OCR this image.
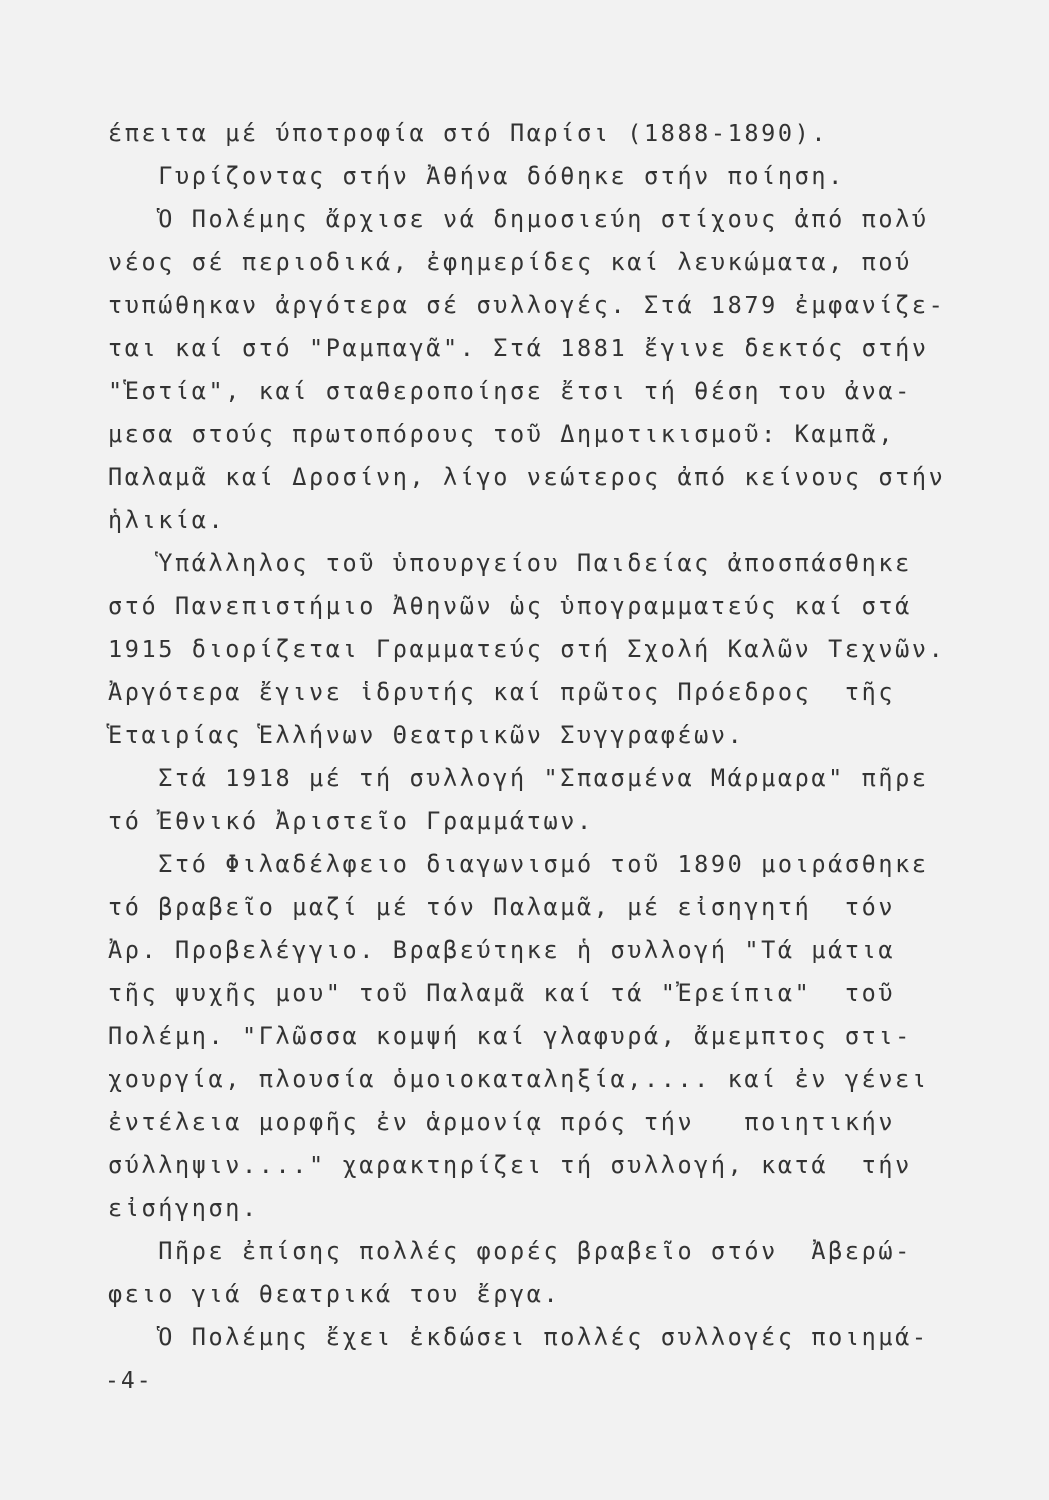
έπειτα μέ ύποτροφία στό Παρίσι (1888-1890).
Γυρίζοντας στήν Ἀθήνα δόθηκε στήν ποίηση.
Ὁ Πολέμης ἄρχισε νά δημοσιεύη στίχους ἀπό πολύ
νέος σέ περιοδικά, ἐφημερίδες καί λευκώματα, πού
τυπώθηκαν ἀργότερα σέ συλλογές. Στά 1879 ἐμφανίζε-
ται καί στό "Ραμπαγᾶ". Στά 1881 ἔγινε δεκτός στήν
"Ἑστία", καί σταθεροποίησε ἔτσι τή θέση του ἀνα-
μεσα στούς πρωτοπόρους τοῦ Δημοτικισμοῦ: Καμπᾶ,
Παλαμᾶ καί Δροσίνη, λίγο νεώτερος ἀπό κείνους στήν
ἡλικία.
Ὑπάλληλος τοῦ ὑπουργείου Παιδείας ἀποσπάσθηκε
στό Πανεπιστήμιο Ἀθηνῶν ὡς ὑπογραμματεύς καί στά
1915 διορίζεται Γραμματεύς στή Σχολή Καλῶν Τεχνῶν.
Ἀργότερα ἔγινε ἱδρυτής καί πρῶτος Πρόεδρος  τῆς
Ἑταιρίας Ἑλλήνων Θεατρικῶν Συγγραφέων.
Στά 1918 μέ τή συλλογή "Σπασμένα Μάρμαρα" πῆρε
τό Ἐθνικό Ἀριστεῖο Γραμμάτων.
Στό Φιλαδέλφειο διαγωνισμό τοῦ 1890 μοιράσθηκε
τό βραβεῖο μαζί μέ τόν Παλαμᾶ, μέ εἰσηγητή  τόν
Ἀρ. Προβελέγγιο. Βραβεύτηκε ἡ συλλογή "Τά μάτια
τῆς ψυχῆς μου" τοῦ Παλαμᾶ καί τά "Ἐρείπια"  τοῦ
Πολέμη. "Γλῶσσα κομψή καί γλαφυρά, ἄμεμπτος στι-
χουργία, πλουσία ὁμοιοκαταληξία,.... καί ἐν γένει
ἐντέλεια μορφῆς ἐν ἁρμονίᾳ πρός τήν   ποιητικήν
σύλληψιν...." χαρακτηρίζει τή συλλογή, κατά  τήν
εἰσήγηση.
Πῆρε ἐπίσης πολλές φορές βραβεῖο στόν  Ἀβερώ-
φειο γιά θεατρικά του ἔργα.
Ὁ Πολέμης ἔχει ἐκδώσει πολλές συλλογές ποιημά-
-4-
